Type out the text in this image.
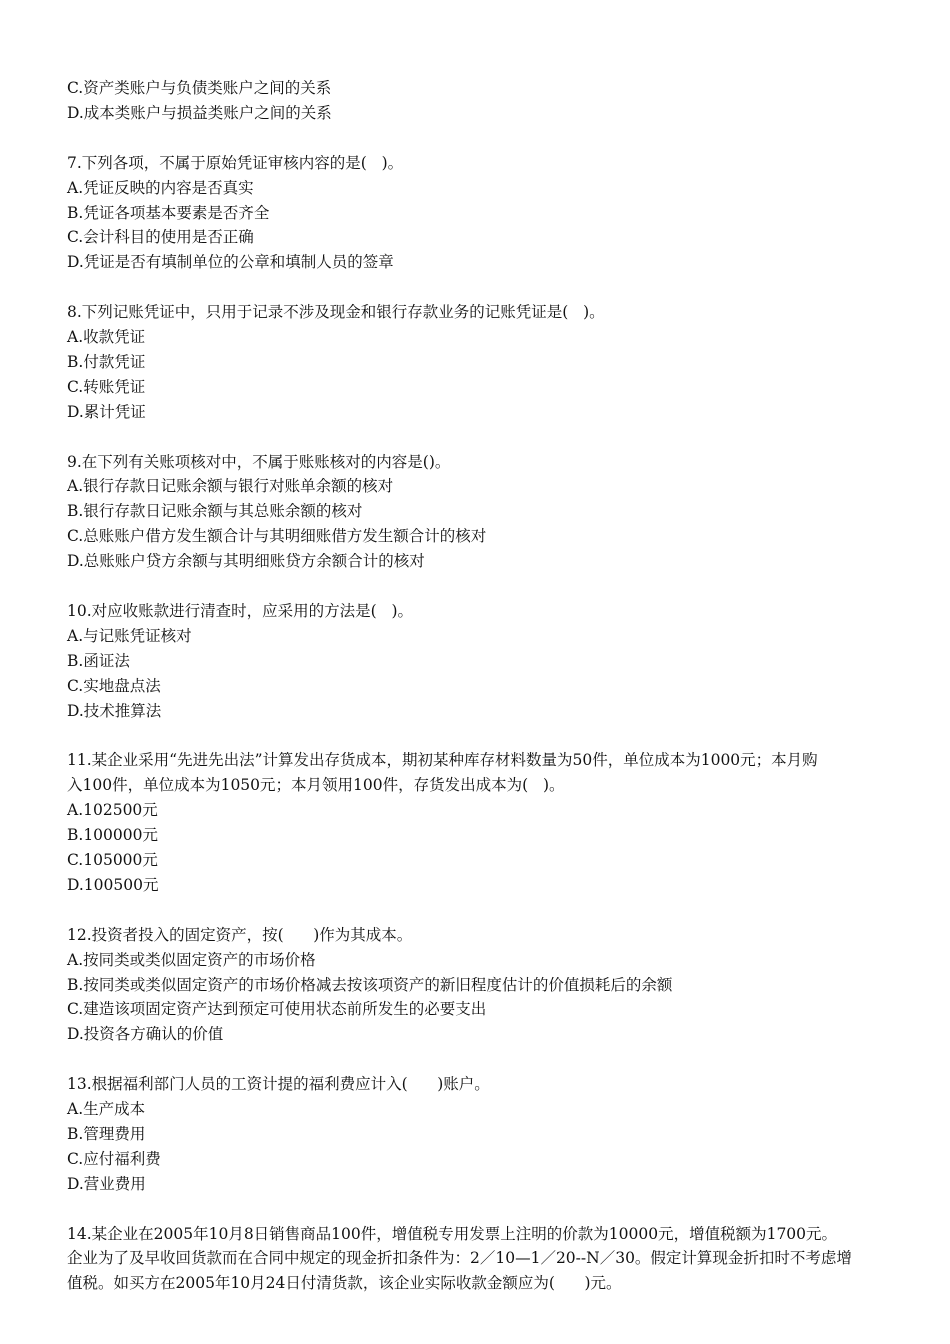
C.资产类账户与负债类账户之间的关系

D.成本类账户与损益类账户之间的关系

7.下列各项，不属于原始凭证审核内容的是(   )。

A.凭证反映的内容是否真实

B.凭证各项基本要素是否齐全

C.会计科目的使用是否正确

D.凭证是否有填制单位的公章和填制人员的签章

8.下列记账凭证中，只用于记录不涉及现金和银行存款业务的记账凭证是(   )。

A.收款凭证

B.付款凭证

C.转账凭证

D.累计凭证

9.在下列有关账项核对中，不属于账账核对的内容是()。

A.银行存款日记账余额与银行对账单余额的核对

B.银行存款日记账余额与其总账余额的核对

C.总账账户借方发生额合计与其明细账借方发生额合计的核对

D.总账账户贷方余额与其明细账贷方余额合计的核对

10.对应收账款进行清查时，应采用的方法是(   )。

A.与记账凭证核对

B.函证法

C.实地盘点法

D.技术推算法

11.某企业采用“先进先出法”计算发出存货成本，期初某种库存材料数量为50件，单位成本为1000元；本月购

入100件，单位成本为1050元；本月领用100件，存货发出成本为(   )。

A.102500元

B.100000元

C.105000元

D.100500元

12.投资者投入的固定资产，按(      )作为其成本。

A.按同类或类似固定资产的市场价格

B.按同类或类似固定资产的市场价格减去按该项资产的新旧程度估计的价值损耗后的余额

C.建造该项固定资产达到预定可使用状态前所发生的必要支出

D.投资各方确认的价值

13.根据福利部门人员的工资计提的福利费应计入(      )账户。

A.生产成本

B.管理费用

C.应付福利费

D.营业费用

14.某企业在2005年10月8日销售商品100件，增值税专用发票上注明的价款为10000元，增值税额为1700元。

企业为了及早收回货款而在合同中规定的现金折扣条件为：2／10—1／20--N／30。假定计算现金折扣时不考虑增

值税。如买方在2005年10月24日付清货款，该企业实际收款金额应为(      )元。
